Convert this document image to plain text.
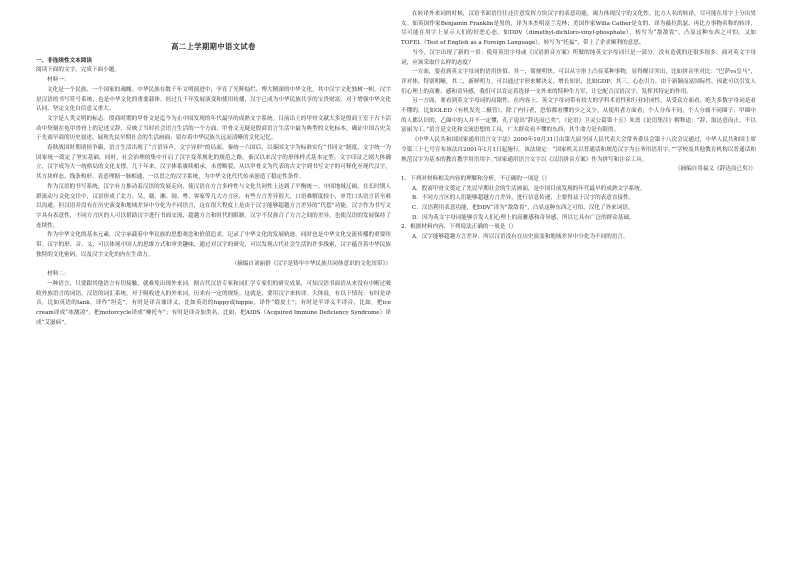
高二上学期期中语文试卷

一、非连续性文本阅读

阅读下面的文字，完成下面小题。

材料一：

文化是一个民族、一个国家的魂魄。中华民族在数千年文明演进中，孕育了光辉灿烂、博大精深的中华文化，其中汉字文化独树一帜。汉字是汉语的书写符号系统，也是中华文化的重要载体。经过几千年发展演变和使用传播，汉字已成为中华民族共享的宝贵财富，对于增强中华文化认同、坚定文化自信意义重大。

文字是人类文明的标志。殷商时期的甲骨文是迄今为止中国发现的年代最早的成熟文字系统。目前出土的甲骨文献大多是殷商王室于占卜活动中契刻在龟甲兽骨上的记述文辞，反映了当时社会语言生活的一个方面。甲骨文无疑是殷商语言生活中最为典型的文化标本，确证中国古史关于先商早商的历史叙述，展现先民早期社会的生活画面，留存着中华民族久远而清晰的文化记忆。

春秋战国时期诸侯争霸，语言生活出现了“言语异声，文字异形”的局面。秦统一六国后，以秦国文字为标准实行“书同文”制度，文字统一为国家统一奠定了坚实基础。同时，社会治理的集中开启了汉字变革规化的规范之路。秦汉以来汉字的形体样式基本定型。文字印证之剧大体确立，汉字成为大一统格局的文化支撑。几千年来，汉字体系赓续相承，未曾断裂，从以甲骨文为代表的古文字到书写文字的可释化至现代汉字，其方块样态、线条构形、表意理据一脉相通，一以贯之的汉字系统，为中华文化代代传承创造了稳定性条件。

作为汉语的书写系统，汉字有力推动着汉语的发展走向，使汉语在方言多样性与文化共同性上达到了平衡统一。中国地域辽阔，在长时期人群流动与文化交往中，汉语形成了北方、吴、赣、湘、闽、粤、客家等几大方言区，有些方言差异很大，口语难解度较小，单凭口头语言甚至难以沟通。但汉语并没有在历史演变和地域差异中分化为不同语言，这在很大程度上是由于汉字能够超越方言差异的“代偿”功能。汉字作为书写文字具有表意性，不同方言区的人可以借助汉字进行书面交流，超越方言和时代的限制。汉字不仅弥合了方言之间的差异，也使汉语的发展保持了连续性。

作为中华文化的基本元素，汉字承载着中华民族的思想观念和价值追求，记录了中华文化的发展轨迹，同时也是中华文化交流传播的重要纽带。汉字的形、音、义，可以体现中国人的思维方式和审美趣味，通过对汉字的研究，可以发现古代社会生活的许多线索，汉字蕴含着中华民族独特的文化密码，以及汉字文化的内在生命力。

（摘编自刘丽群《汉字是铸牢中华民族共同体意识的文化纽带》）

材料二：

一种语言，只要跟其他语言有切接触，就难免出现外来词。据古代汉语专家和词汇学专家们的研究成果，可知汉语书面语从来没有中断过吸收外族语言的词语。汉语的词汇系统，对于吸收进入的外来词，历来有一定的规矩。这就是，要用汉字来转译。大体说，有以下情况：有时是译音，比如英语的tank，译作“坦克”，有时是译音兼译义，比如英语的hippy或hippie，译作“嬉皮士”；有时是半译义半译音，比如，把ice cream译成“冰激凌”，把motorcycle译成“摩托车”；有时是译音加类名，比如，把AIDS（Acquired Immune Deficiency Syndrome）译成“艾滋病”。

在转译外来词的时候，汉语书面语往往还注意发挥方块汉字的表意功能，竭力体现汉字的文化性。比方人名的转译，尽可能在用字上分出男女。如英国作家Benjamin Franklin是男的，译为本杰明富兰克林；美国作家Willa Cather是女的，译为薇拉凯瑟。再比方事物名称的转译，尽可能在用字上显示人们的好恶心态。如DDV（dimethyl-dichloro-vinyl-phosphate），转写为“敌敌畏”，凸显这种东西之可怕。又如TOFEL（Test of English as a Foreign Language），转写为“托福”，带上了企求顺利的意思。

当今，汉字出现了新的一景：使用英语字母或《汉语拼音方案》所做的纯英文字母词只是一部分，没有造就的还很多很多。面对英文字母词，应该采取什么样的态度？

一方面，要看到英文字母词的语用价值。其一，简便明快。可以从字形上凸显某种事物，显得醒目突出，比如拼音里对比：“巴萨vs皇马”，详对体，特别明晰，其二，新鲜明力。可以通过字形来解决义，增长知识，比如GDP，其三，心态引力，由于新颖而富国际性，因此可以引发人们心理上的高雅、感和奇异感，我们可以肯定着选择一支外来的特种生力军，让它配合汉语汉字，发挥其特定的作用。

另一方面，要看到英文字母词的局限性。在内容上，英文字母词带有较大的学科术语性和行业封闭性，从受众方面看，绝大多数字母词是看不懂的，比如OLED（有机发光二极管），除了内行者，恐怕都看懂的少之又少。从使用者方面看，个人分布不同，个人分属不同圈子，甲圈中的人都认识的，乙圈中的人并不一定懂，孔子说出“辞达而已矣”，《论语》卫灵公篇第十五）朱熹《论语集注》解释道：“辞，取达意而止，不以富丽为工。”语言是文化和交流思想的工具，广大群众看不懂的东西，其生命力是有限的。

《中华人民共和国国家通用语言文字法》2000年10月31日由第九届全国人民代表大会常务委员会第十八次会议通过，中华人民共和国主席令第三十七号宣布该法自2001年1月1日起施行。该法规定：“国家机关以普通话和规范汉字为公务用语用字。”“学校及其他教育机构以普通话和规范汉字为基本的教育教学用语用字。”国家通用语言文字以《汉语拼音方案》作为拼写和注音工具。

（摘编自用福义《辞达而已矣》）

1．下列对材料相关内容的理解和分析，不正确的一项是（）

A．殷商甲骨文奠定了先民早期社会的生活画面，是中国目前发现的年代最早的成熟文字系统。

B．不同方言区的人们能够超越方言差异，进行信息传递，主要得益于汉字的表意直接性。

C．汉语利用表意功能，把DDV“译为“敌敌畏”，凸显这种东西之可怕，汉化了外来词语。

D．因为英文字母词能够引发人们心理上的高雅感和奇异感，所以它具有广泛的群众基础。

2．根据材料内容，下列说法正确的一项是（）

A．汉字能够超越方言差异，所以汉语没有在历史演变和地域差异中分化为不同的语言。
